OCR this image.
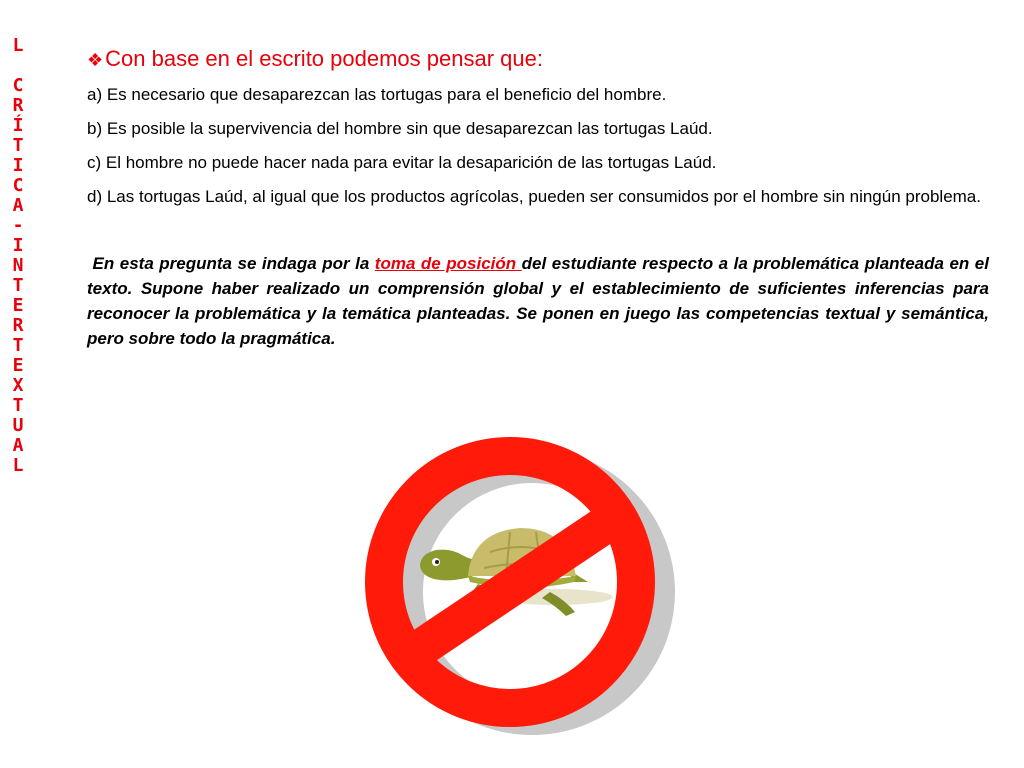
L

C
R
Í
T
I
C
A
-
I
N
T
E
R
T
E
X
T
U
A
L
❖Con base en el escrito podemos pensar que:

a) Es necesario que desaparezcan las tortugas para el beneficio del hombre.

b) Es posible la supervivencia del hombre sin que desaparezcan las tortugas Laúd.

c) El hombre no puede hacer nada para evitar la desaparición de las tortugas Laúd.

d) Las tortugas Laúd, al igual que los productos agrícolas, pueden ser consumidos por el hombre sin ningún problema.

En esta pregunta se indaga por la toma de posición del estudiante respecto a la problemática planteada en el texto. Supone haber realizado un comprensión global y el establecimiento de suficientes inferencias para reconocer la problemática y la temática planteadas. Se ponen en juego las competencias textual y semántica, pero sobre todo la pragmática.
